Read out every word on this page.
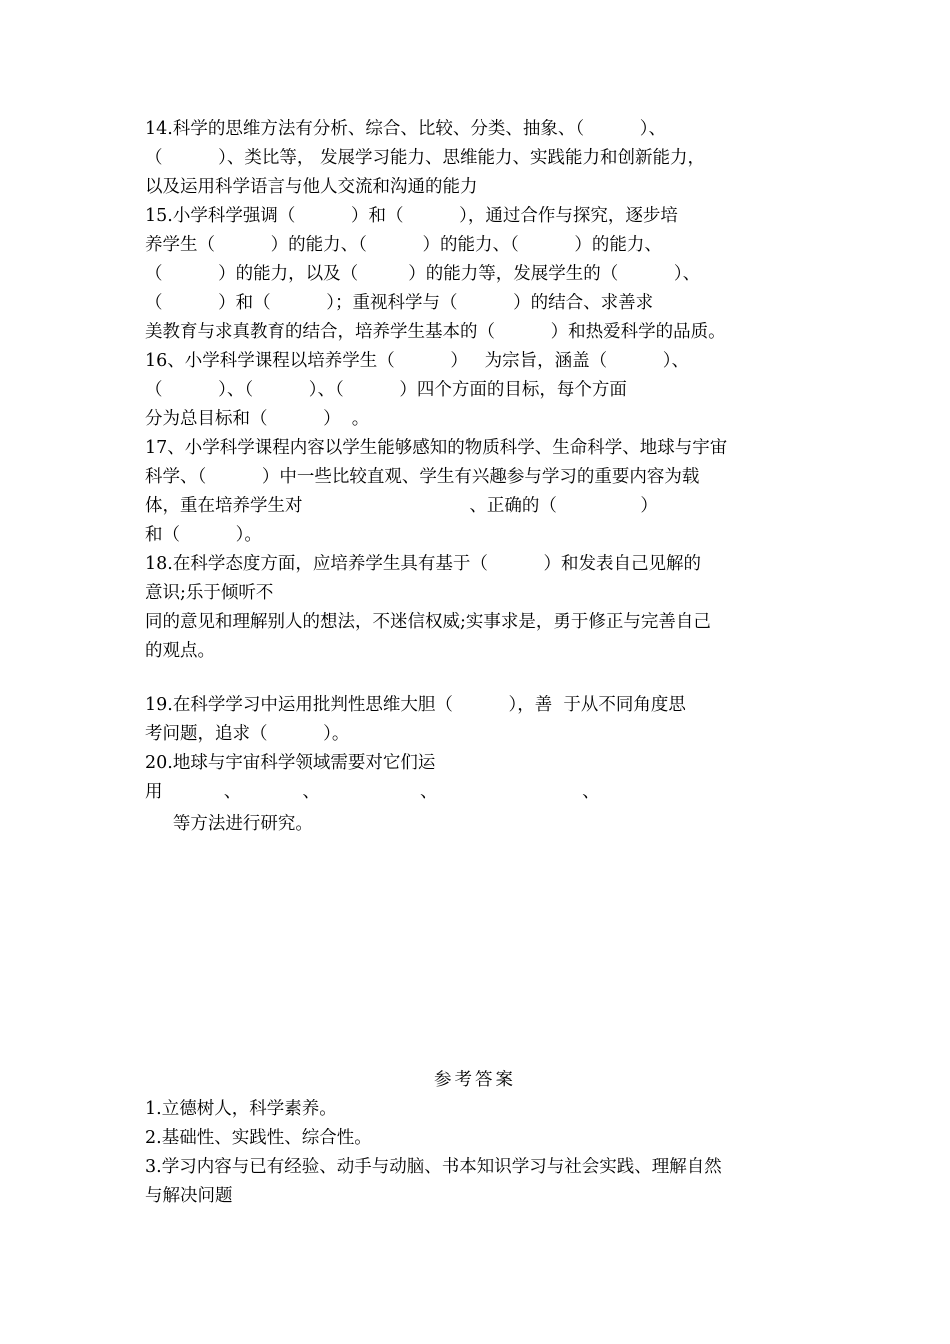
14.科学的思维方法有分析、综合、比较、分类、抽象、（          ）、
（          ）、类比等， 发展学习能力、思维能力、实践能力和创新能力，
以及运用科学语言与他人交流和沟通的能力
15.小学科学强调（          ）和（          ），通过合作与探究，逐步培
养学生（          ）的能力、（          ）的能力、（          ）的能力、
（          ）的能力，以及（         ）的能力等，发展学生的（          ）、
（          ）和（          ）；重视科学与（          ）的结合、求善求
美教育与求真教育的结合，培养学生基本的（          ）和热爱科学的品质。
16、小学科学课程以培养学生（          ）   为宗旨，涵盖（          ）、
（          ）、（          ）、（          ）四个方面的目标，每个方面
分为总目标和（          ）  。
17、小学科学课程内容以学生能够感知的物质科学、生命科学、地球与宇宙
科学、（          ）中一些比较直观、学生有兴趣参与学习的重要内容为载
体，重在培养学生对                              、正确的（               ）
和（          ）。
18.在科学态度方面，应培养学生具有基于（          ）和发表自己见解的
意识;乐于倾听不
同的意见和理解别人的想法，不迷信权威;实事求是，勇于修正与完善自己
的观点。
19.在科学学习中运用批判性思维大胆（          ），善  于从不同角度思
考问题，追求（          ）。
20.地球与宇宙科学领域需要对它们运
用           、           、                  、                          、
等方法进行研究。
参考答案
1.立德树人，科学素养。
2.基础性、实践性、综合性。
3.学习内容与已有经验、动手与动脑、书本知识学习与社会实践、理解自然
与解决问题
